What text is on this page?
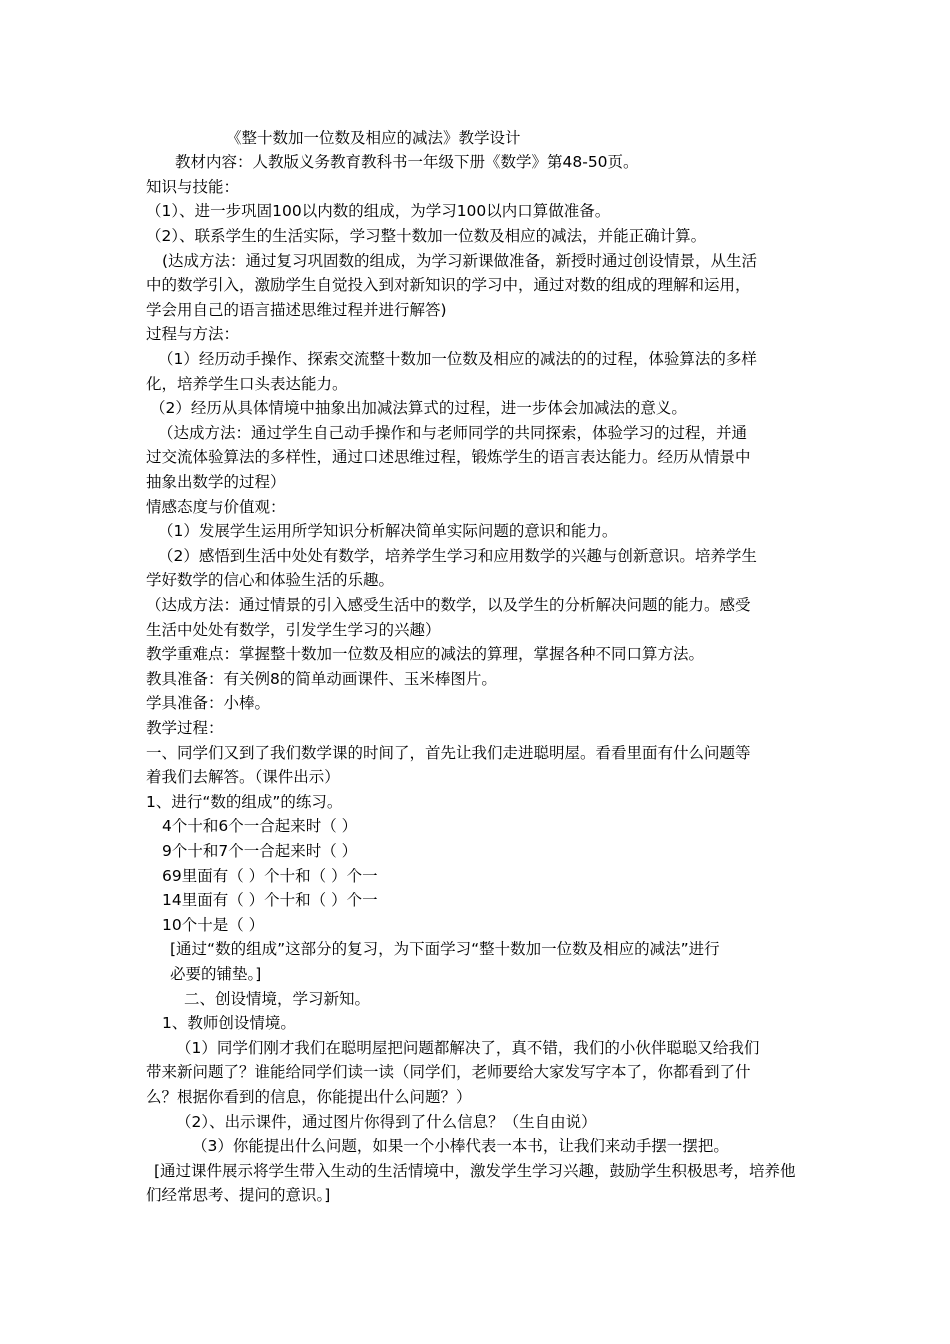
《整十数加一位数及相应的减法》教学设计
教材内容：人教版义务教育教科书一年级下册《数学》第48-50页。
知识与技能：
（1）、进一步巩固100以内数的组成，为学习100以内口算做准备。
（2）、联系学生的生活实际，学习整十数加一位数及相应的减法，并能正确计算。
(达成方法：通过复习巩固数的组成，为学习新课做准备，新授时通过创设情景，从生活
中的数学引入，激励学生自觉投入到对新知识的学习中，通过对数的组成的理解和运用，
学会用自己的语言描述思维过程并进行解答)
过程与方法：
（1）经历动手操作、探索交流整十数加一位数及相应的减法的的过程，体验算法的多样
化，培养学生口头表达能力。
（2）经历从具体情境中抽象出加减法算式的过程，进一步体会加减法的意义。
（达成方法：通过学生自己动手操作和与老师同学的共同探索，体验学习的过程，并通
过交流体验算法的多样性，通过口述思维过程，锻炼学生的语言表达能力。经历从情景中
抽象出数学的过程）
情感态度与价值观：
（1）发展学生运用所学知识分析解决简单实际问题的意识和能力。
（2）感悟到生活中处处有数学，培养学生学习和应用数学的兴趣与创新意识。培养学生
学好数学的信心和体验生活的乐趣。
（达成方法：通过情景的引入感受生活中的数学，以及学生的分析解决问题的能力。感受
生活中处处有数学，引发学生学习的兴趣）
教学重难点：掌握整十数加一位数及相应的减法的算理，掌握各种不同口算方法。
教具准备：有关例8的简单动画课件、玉米棒图片。
学具准备：小棒。
教学过程：
一、同学们又到了我们数学课的时间了，首先让我们走进聪明屋。看看里面有什么问题等
着我们去解答。（课件出示）
1、进行“数的组成”的练习。
4个十和6个一合起来时（ ）
9个十和7个一合起来时（ ）
69里面有（ ）个十和（ ）个一
14里面有（ ）个十和（ ）个一
10个十是（ ）
[通过“数的组成”这部分的复习，为下面学习“整十数加一位数及相应的减法”进行
必要的铺垫。]
二、创设情境，学习新知。
1、教师创设情境。
（1）同学们刚才我们在聪明屋把问题都解决了，真不错，我们的小伙伴聪聪又给我们
带来新问题了？谁能给同学们读一读（同学们，老师要给大家发写字本了，你都看到了什
么？根据你看到的信息，你能提出什么问题？）
（2）、出示课件，通过图片你得到了什么信息？（生自由说）
（3）你能提出什么问题，如果一个小棒代表一本书，让我们来动手摆一摆把。
[通过课件展示将学生带入生动的生活情境中，激发学生学习兴趣，鼓励学生积极思考，培养他
们经常思考、提问的意识。]
